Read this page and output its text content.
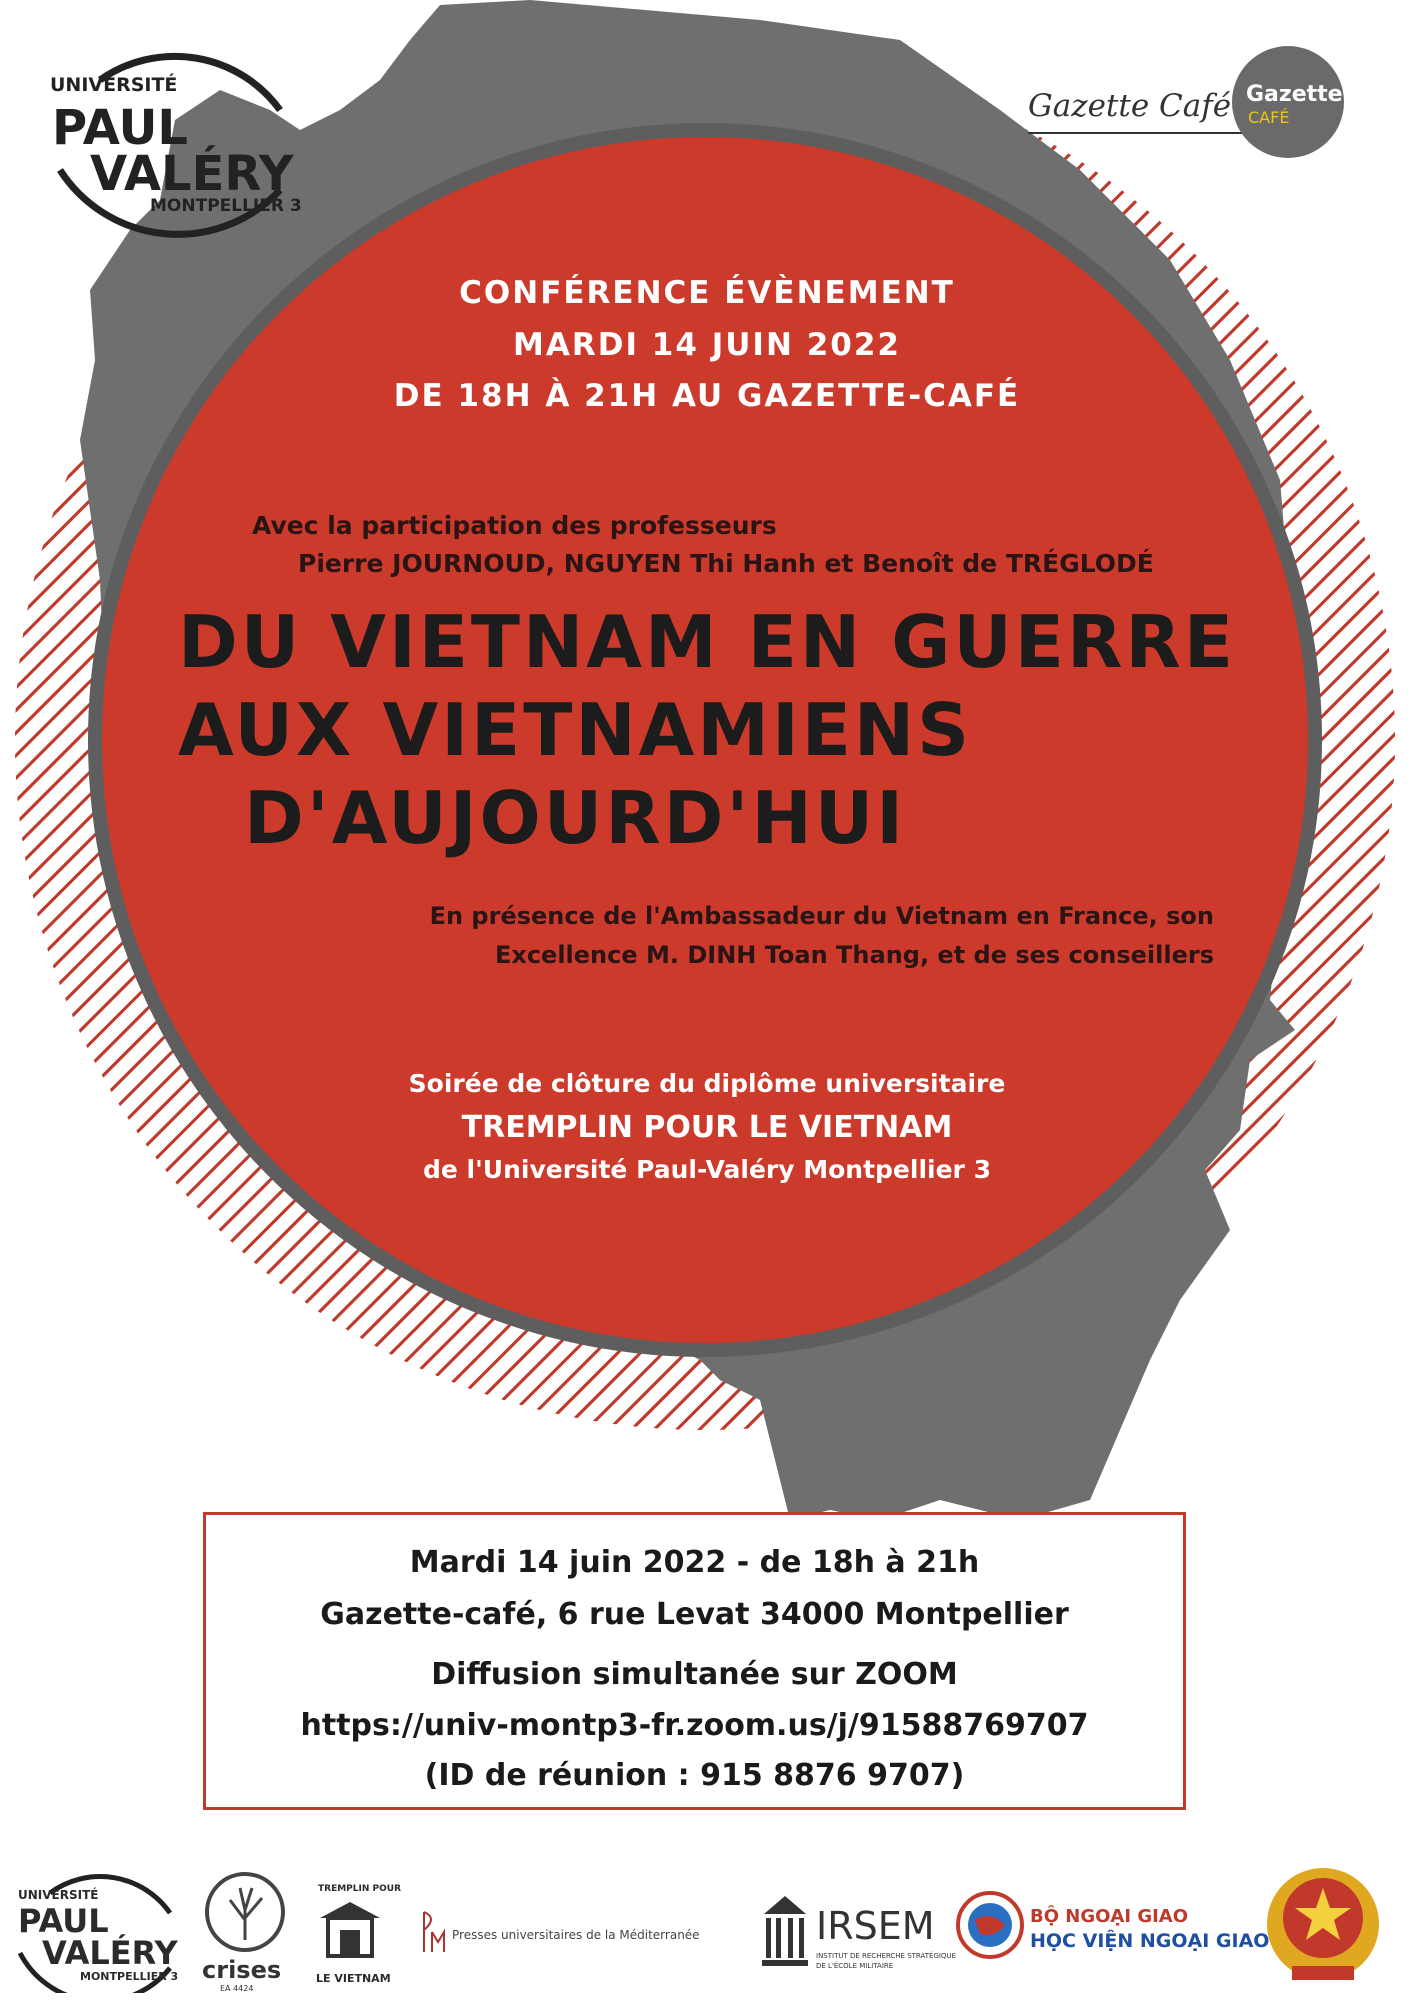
UNIVERSITÉ
PAUL
VALÉRY
MONTPELLIER 3
Gazette Café Gazette
CAFÉ
CONFÉRENCE ÉVÈNEMENT
MARDI 14 JUIN 2022
DE 18H À 21H AU GAZETTE-CAFÉ
Avec la participation des professeurs
Pierre JOURNOUD, NGUYEN Thi Hanh et Benoît de TRÉGLODÉ
DU VIETNAM EN GUERRE
AUX VIETNAMIENS
D'AUJOURD'HUI
En présence de l'Ambassadeur du Vietnam en France, son
Excellence M. DINH Toan Thang, et de ses conseillers
Soirée de clôture du diplôme universitaire
TREMPLIN POUR LE VIETNAM
de l'Université Paul-Valéry Montpellier 3
Mardi 14 juin 2022 - de 18h à 21h
Gazette-café, 6 rue Levat 34000 Montpellier
Diffusion simultanée sur ZOOM
https://univ-montp3-fr.zoom.us/j/91588769707
(ID de réunion : 915 8876 9707)
UNIVERSITÉ
PAUL
VALÉRY
MONTPELLIER 3 crises
EA 4424
TREMPLIN POUR
LE VIETNAM
Presses universitaires de la Méditerranée	IRSEM
INSTITUT DE RECHERCHE STRATÉGIQUE
DE L'ÉCOLE MILITAIRE
BỘ NGOẠI GIAO
HỌC VIỆN NGOẠI GIAO
